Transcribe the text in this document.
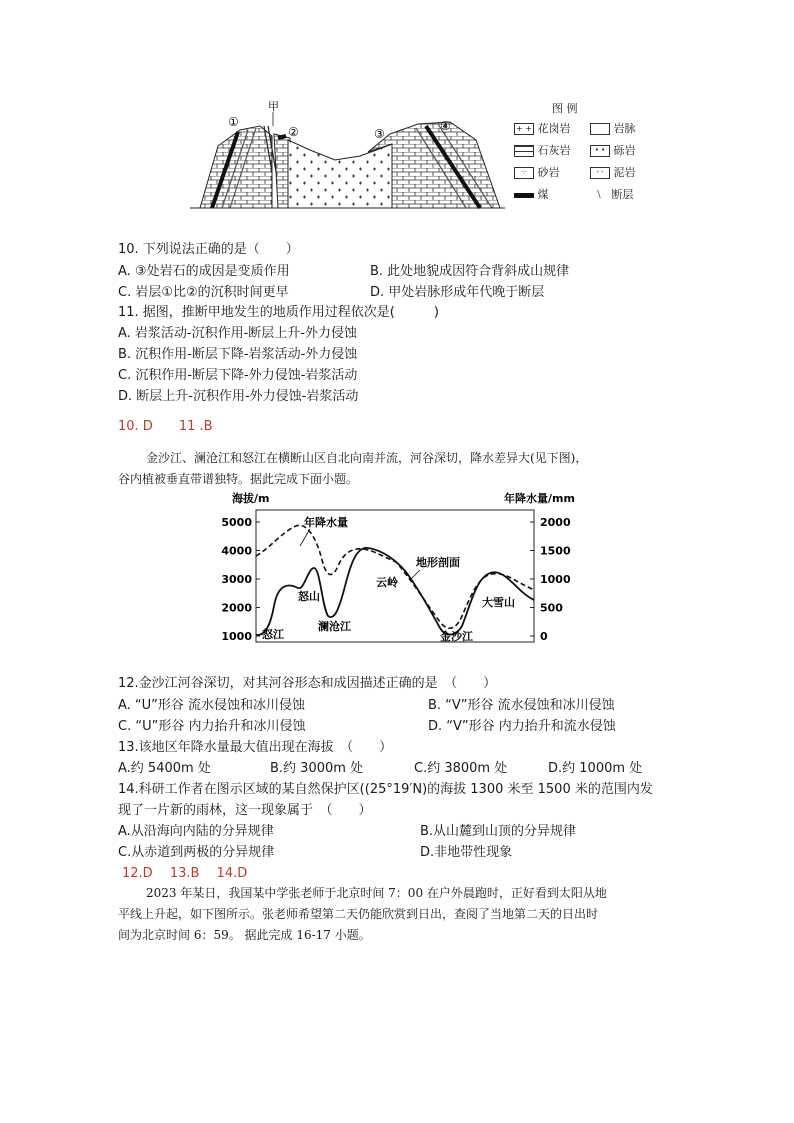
①
甲
②	③
④
图 例
+ + 花岗岩	岩脉
石灰岩	• • 砾岩
·:· 砂岩	- - 泥岩
煤	⧵ 断层
10. 下列说法正确的是（　　）
A. ③处岩石的成因是变质作用	B. 此处地貌成因符合背斜成山规律
C. 岩层①比②的沉积时间更早	D. 甲处岩脉形成年代晚于断层
11. 据图，推断甲地发生的地质作用过程依次是(　　　)
A. 岩浆活动-沉积作用-断层上升-外力侵蚀
B. 沉积作用-断层下降-岩浆活动-外力侵蚀
C. 沉积作用-断层下降-外力侵蚀-岩浆活动
D. 断层上升-沉积作用-外力侵蚀-岩浆活动
10. D　　11 .B
金沙江、澜沧江和怒江在横断山区自北向南并流，河谷深切，降水差异大(见下图)，
谷内植被垂直带谱独特。据此完成下面小题。
海拔/m	年降水量/mm
5000
4000
3000
2000
1000
2000
1500
1000
500
0
年降水量
地形剖面
怒江
怒山
澜沧江
云岭
金沙江
大雪山
12.金沙江河谷深切，对其河谷形态和成因描述正确的是　（　　）
A. “U”形谷 流水侵蚀和冰川侵蚀	B. “V”形谷 流水侵蚀和冰川侵蚀
C. “U”形谷 内力抬升和冰川侵蚀	D. “V”形谷 内力抬升和流水侵蚀
13.该地区年降水量最大值出现在海拔　（　　）
A.约 5400m 处	B.约 3000m 处	C.约 3800m 处	D.约 1000m 处
14.科研工作者在图示区域的某自然保护区((25°19′N)的海拔 1300 米至 1500 米的范围内发
现了一片新的雨林，这一现象属于　（　　）
A.从沿海向内陆的分异规律	B.从山麓到山顶的分异规律
C.从赤道到两极的分异规律	D.非地带性现象
12.D　 13.B　 14.D
2023 年某日，我国某中学张老师于北京时间 7：00 在户外晨跑时，正好看到太阳从地
平线上升起，如下图所示。张老师希望第二天仍能欣赏到日出，查阅了当地第二天的日出时
间为北京时间 6：59。 据此完成 16-17 小题。
